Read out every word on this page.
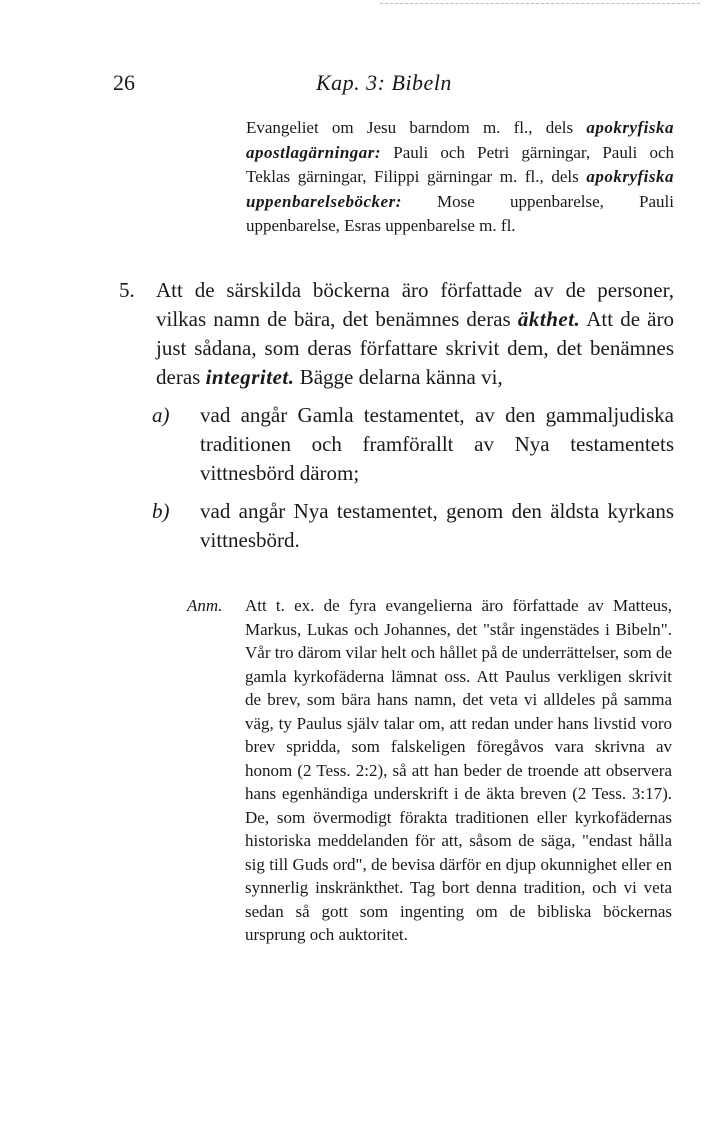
26	Kap. 3: Bibeln
Evangeliet om Jesu barndom m. fl., dels apokryfiska apostlagärningar: Pauli och Petri gärningar, Pauli och Teklas gärningar, Filippi gärningar m. fl., dels apokryfiska uppenbarelseböcker: Mose uppenbarelse, Pauli uppenbarelse, Esras uppenbarelse m. fl.
5. Att de särskilda böckerna äro författade av de personer, vilkas namn de bära, det benämnes deras äkthet. Att de äro just sådana, som deras författare skrivit dem, det benämnes deras integritet. Bägge delarna känna vi,
a) vad angår Gamla testamentet, av den gammaljudiska traditionen och framförallt av Nya testamentets vittnesbörd därom;
b) vad angår Nya testamentet, genom den äldsta kyrkans vittnesbörd.
Anm. Att t. ex. de fyra evangelierna äro författade av Matteus, Markus, Lukas och Johannes, det "står ingenstädes i Bibeln". Vår tro därom vilar helt och hållet på de underrättelser, som de gamla kyrkofäderna lämnat oss. Att Paulus verkligen skrivit de brev, som bära hans namn, det veta vi alldeles på samma väg, ty Paulus själv talar om, att redan under hans livstid voro brev spridda, som falskeligen föregåvos vara skrivna av honom (2 Tess. 2:2), så att han beder de troende att observera hans egenhändiga underskrift i de äkta breven (2 Tess. 3:17). De, som övermodigt förakta traditionen eller kyrkofädernas historiska meddelanden för att, såsom de säga, "endast hålla sig till Guds ord", de bevisa därför en djup okunnighet eller en synnerlig inskränkthet. Tag bort denna tradition, och vi veta sedan så gott som ingenting om de bibliska böckernas ursprung och auktoritet.
